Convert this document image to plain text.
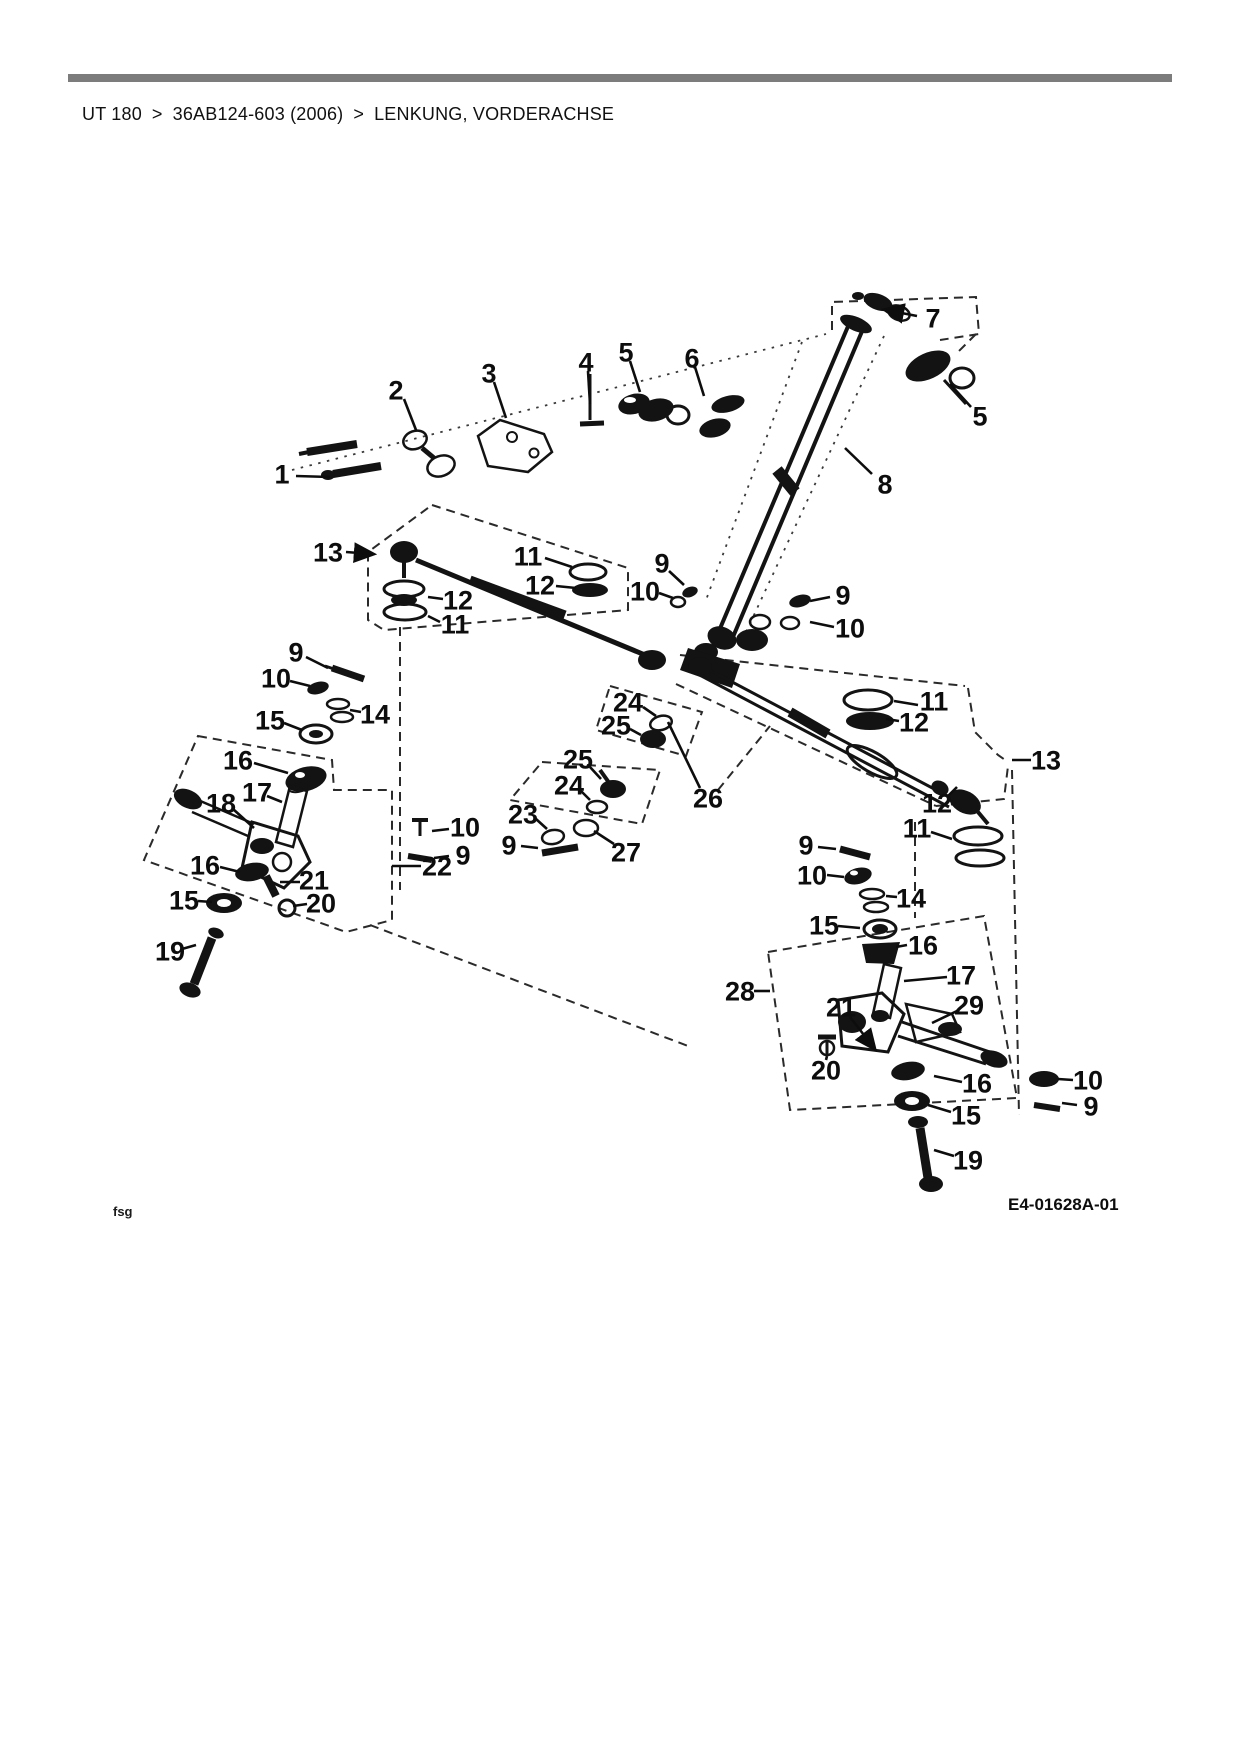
UT 180 > 36AB124-603 (2006) > LENKUNG, VORDERACHSE
1
2
3	4 5 6
7
5
8
13	11
12
12
11
9
10	9
10
9
10
14
15
16
17
18
16
15
21
20
22
19
10
9
24
25
25
24	26
23
9	27
11
12
13
12
11
9
10
14
15
16
17
28
21	29
20	16
15
19
10
9
fsg	E4-01628A-01
